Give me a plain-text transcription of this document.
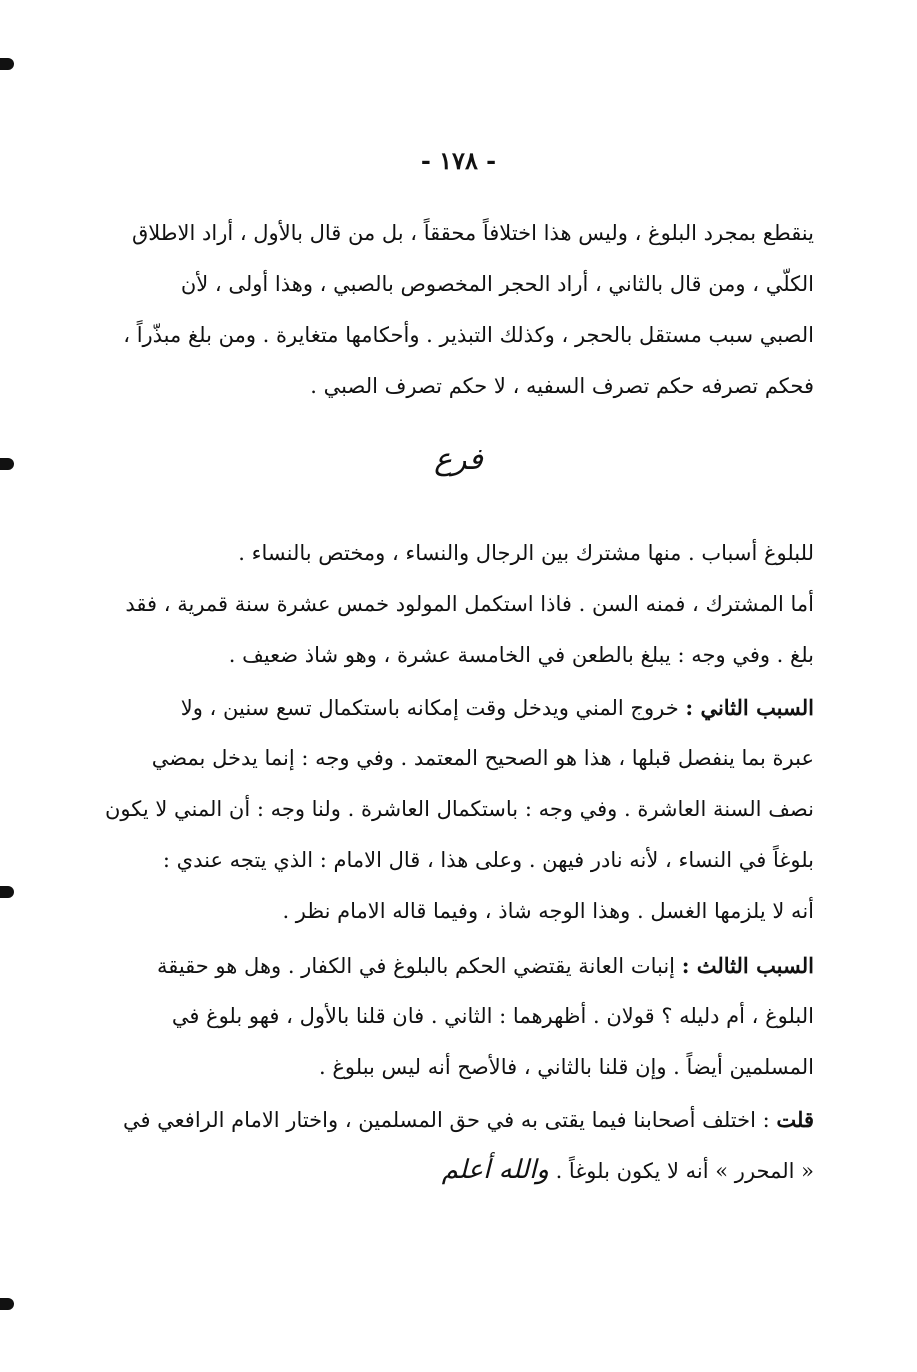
- ١٧٨ -
ينقطع بمجرد البلوغ ، وليس هذا اختلافاً محققاً ، بل من قال بالأول ، أراد الاطلاق
الكلّي ، ومن قال بالثاني ، أراد الحجر المخصوص بالصبي ، وهذا أولى ، لأن
الصبي سبب مستقل بالحجر ، وكذلك التبذير . وأحكامها متغايرة . ومن بلغ مبذّراً ،
فحكم تصرفه حكم تصرف السفيه ، لا حكم تصرف الصبي .
فرع
للبلوغ أسباب . منها مشترك بين الرجال والنساء ، ومختص بالنساء .
أما المشترك ، فمنه السن . فاذا استكمل المولود خمس عشرة سنة قمرية ، فقد
بلغ . وفي وجه : يبلغ بالطعن في الخامسة عشرة ، وهو شاذ ضعيف .
السبب الثاني : خروج المني ويدخل وقت إمكانه باستكمال تسع سنين ، ولا
عبرة بما ينفصل قبلها ، هذا هو الصحيح المعتمد . وفي وجه : إنما يدخل بمضي
نصف السنة العاشرة . وفي وجه : باستكمال العاشرة . ولنا وجه : أن المني لا يكون
بلوغاً في النساء ، لأنه نادر فيهن . وعلى هذا ، قال الامام : الذي يتجه عندي :
أنه لا يلزمها الغسل . وهذا الوجه شاذ ، وفيما قاله الامام نظر .
السبب الثالث : إنبات العانة يقتضي الحكم بالبلوغ في الكفار . وهل هو حقيقة
البلوغ ، أم دليله ؟ قولان . أظهرهما : الثاني . فان قلنا بالأول ، فهو بلوغ في
المسلمين أيضاً . وإن قلنا بالثاني ، فالأصح أنه ليس ببلوغ .
قلت : اختلف أصحابنا فيما يقتى به في حق المسلمين ، واختار الامام الرافعي في
« المحرر » أنه لا يكون بلوغاً . والله أعلم
